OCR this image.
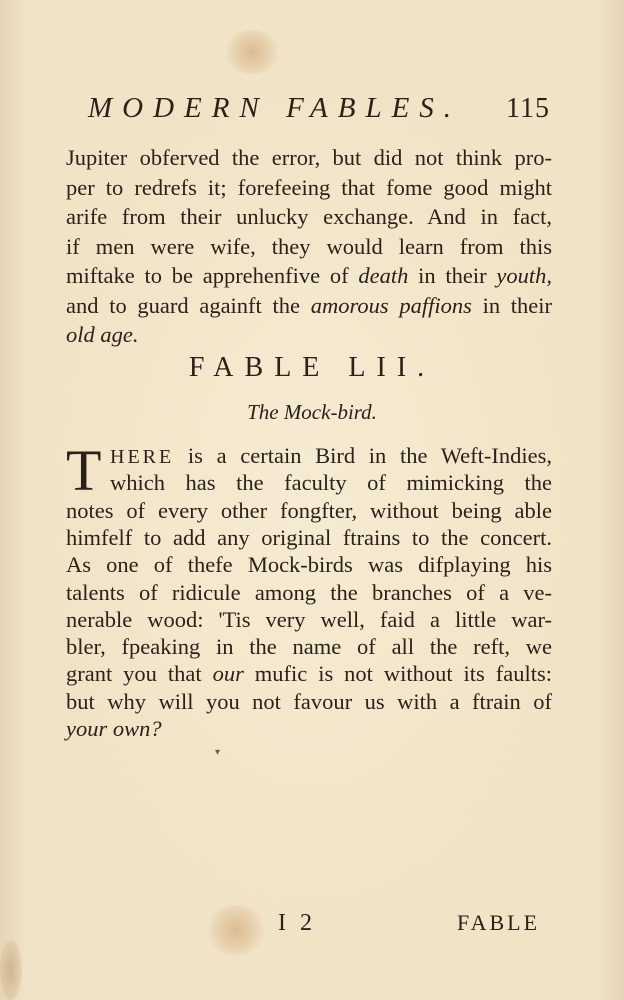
MODERN FABLES. 115
Jupiter obferved the error, but did not think pro-
per to redrefs it; forefeeing that fome good might
arife from their unlucky exchange. And in fact,
if men were wife, they would learn from this
miftake to be apprehenfive of death in their youth,
and to guard againft the amorous paffions in their
old age.
FABLE LII.
The Mock-bird.
T HERE is a certain Bird in the Weft-Indies,
which has the faculty of mimicking the
notes of every other fongfter, without being able
himfelf to add any original ftrains to the concert.
As one of thefe Mock-birds was difplaying his
talents of ridicule among the branches of a ve-
nerable wood: 'Tis very well, faid a little war-
bler, fpeaking in the name of all the reft, we
grant you that our mufic is not without its faults:
but why will you not favour us with a ftrain of
your own?
▾
I 2	FABLE
